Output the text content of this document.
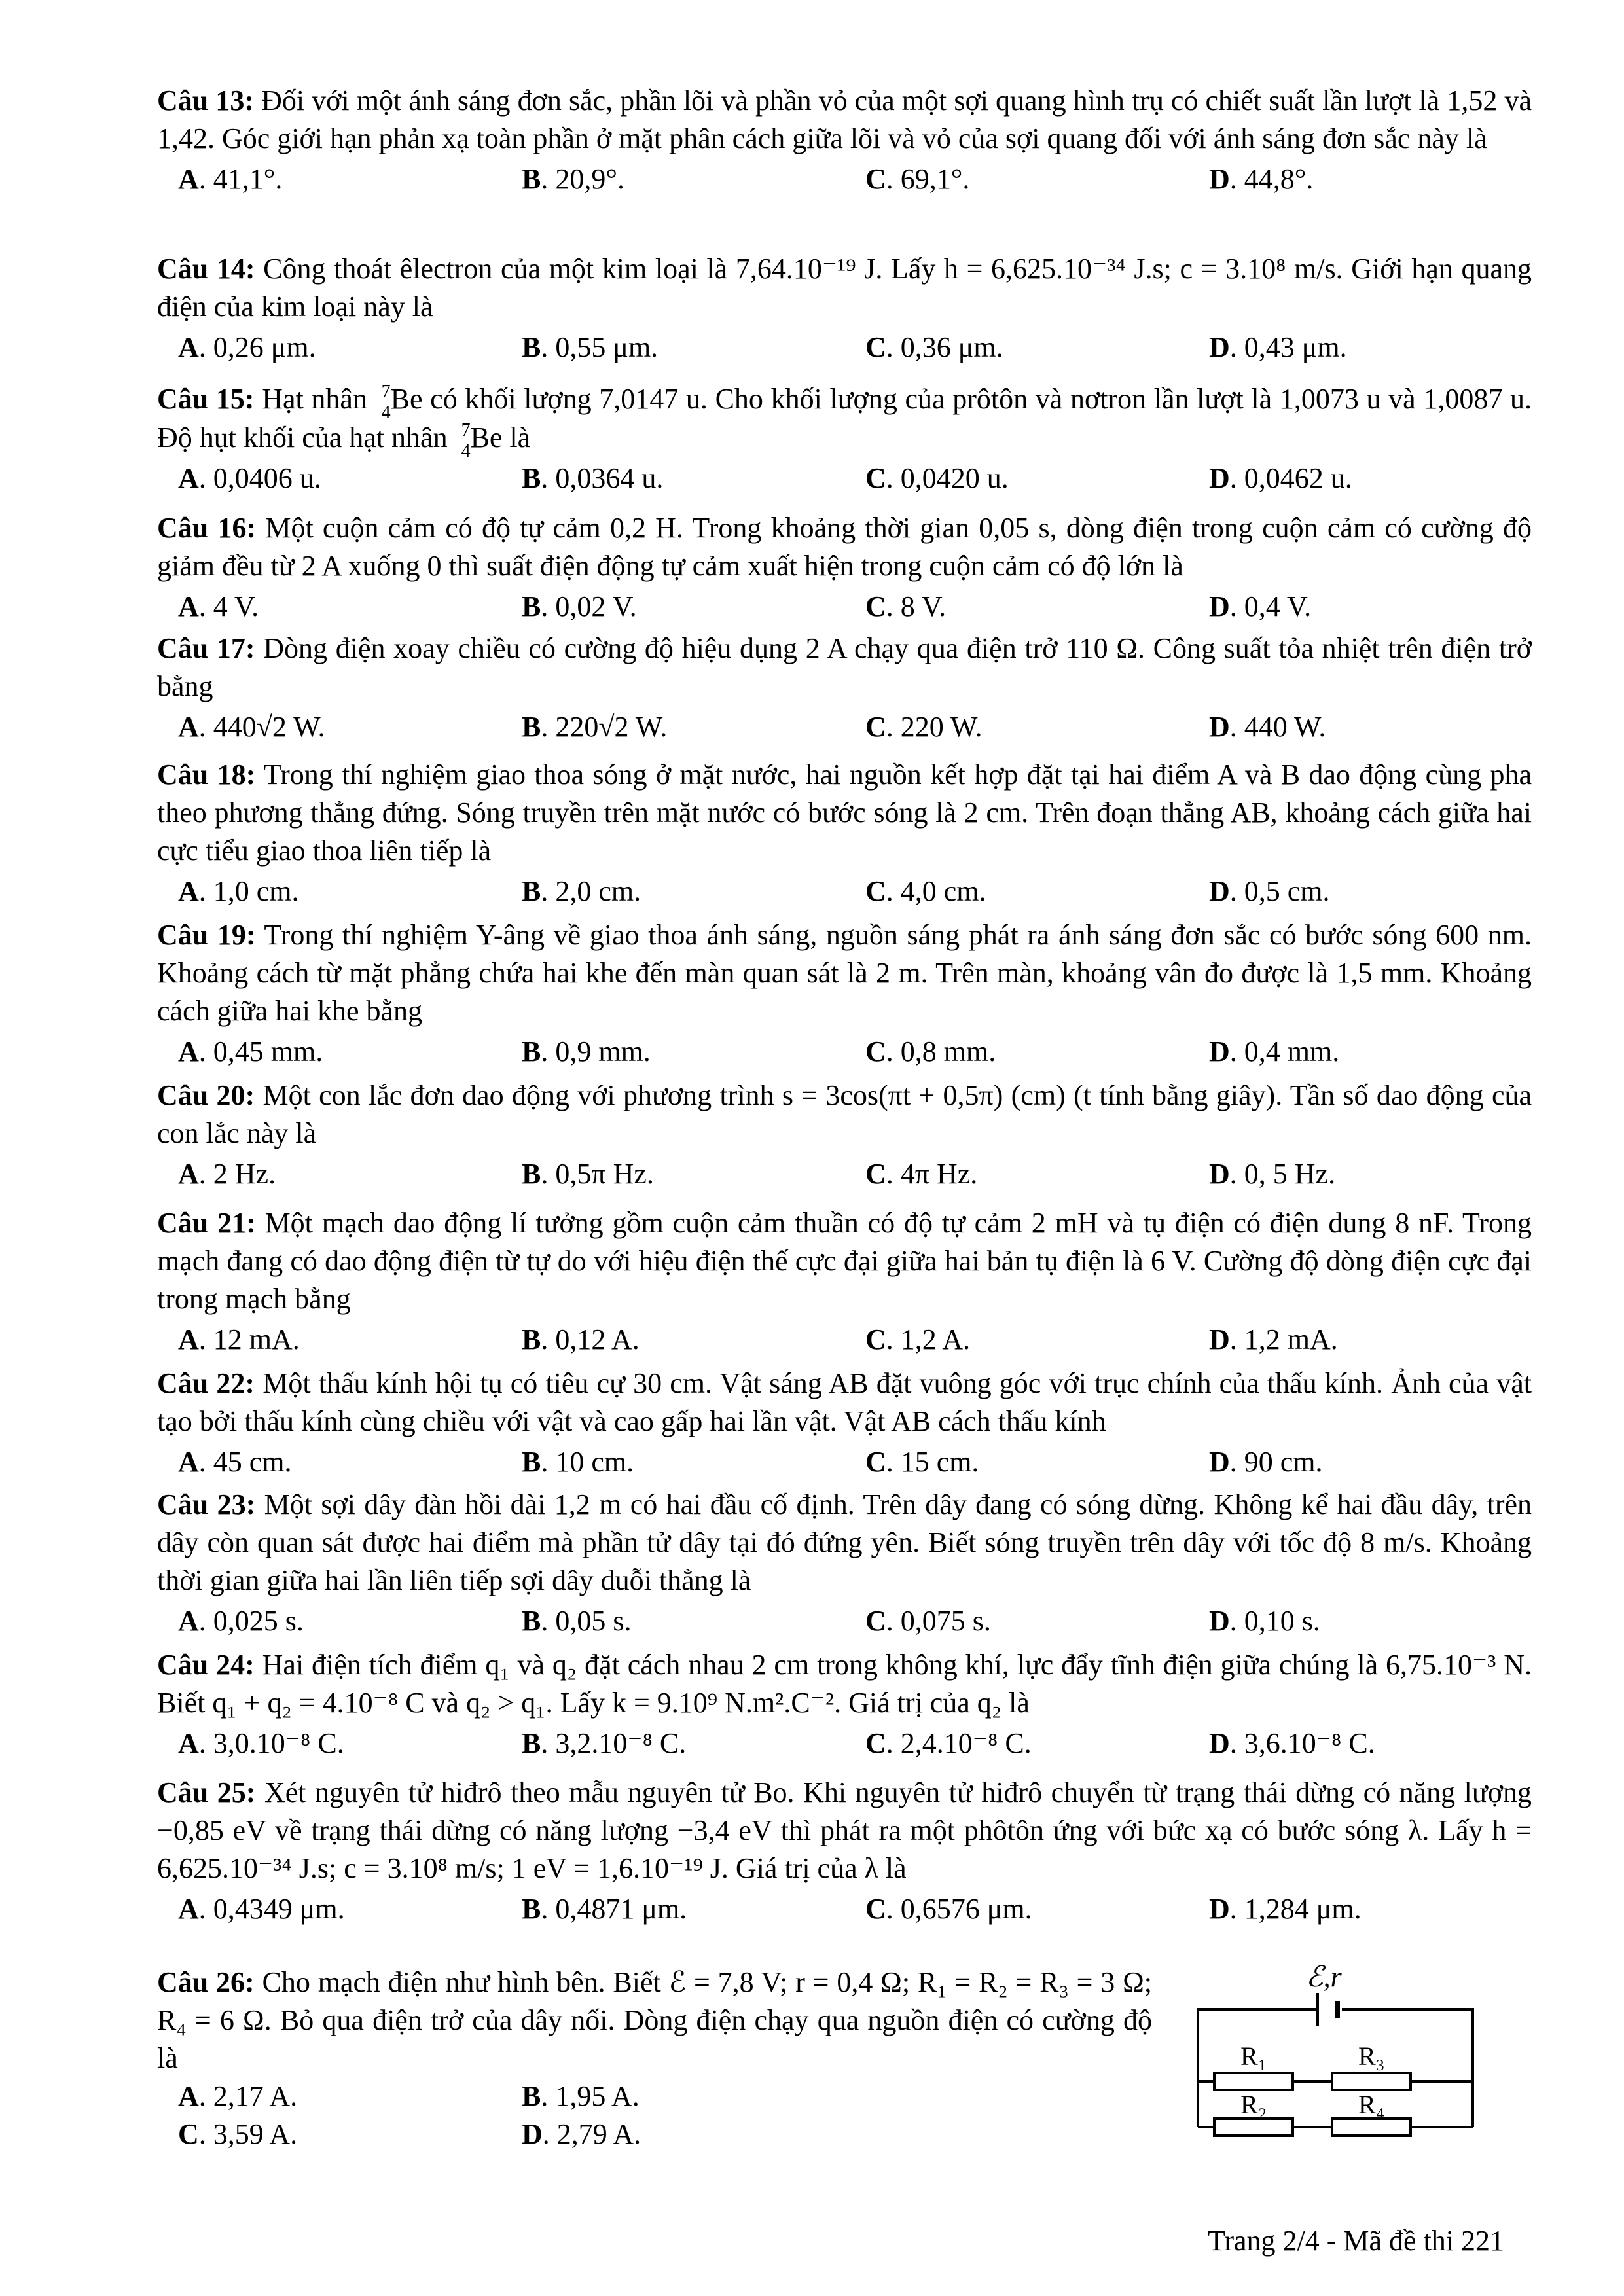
Câu 13: Đối với một ánh sáng đơn sắc, phần lõi và phần vỏ của một sợi quang hình trụ có chiết suất lần lượt là 1,52 và 1,42. Góc giới hạn phản xạ toàn phần ở mặt phân cách giữa lõi và vỏ của sợi quang đối với ánh sáng đơn sắc này là

A. 41,1°.	B. 20,9°.	C. 69,1°.	D. 44,8°.

Câu 14: Công thoát êlectron của một kim loại là 7,64.10⁻¹⁹ J. Lấy h = 6,625.10⁻³⁴ J.s; c = 3.10⁸ m/s. Giới hạn quang điện của kim loại này là

A. 0,26 μm.	B. 0,55 μm.	C. 0,36 μm.	D. 0,43 μm.

Câu 15: Hạt nhân 7
4 Be có khối lượng 7,0147 u. Cho khối lượng của prôtôn và nơtron lần lượt là 1,0073 u và 1,0087 u. Độ hụt khối của hạt nhân 7
4 Be là

A. 0,0406 u.	B. 0,0364 u.	C. 0,0420 u.	D. 0,0462 u.

Câu 16: Một cuộn cảm có độ tự cảm 0,2 H. Trong khoảng thời gian 0,05 s, dòng điện trong cuộn cảm có cường độ giảm đều từ 2 A xuống 0 thì suất điện động tự cảm xuất hiện trong cuộn cảm có độ lớn là

A. 4 V.	B. 0,02 V.	C. 8 V.	D. 0,4 V.

Câu 17: Dòng điện xoay chiều có cường độ hiệu dụng 2 A chạy qua điện trở 110 Ω. Công suất tỏa nhiệt trên điện trở bằng

A. 440√2 W.	B. 220√2 W.	C. 220 W.	D. 440 W.

Câu 18: Trong thí nghiệm giao thoa sóng ở mặt nước, hai nguồn kết hợp đặt tại hai điểm A và B dao động cùng pha theo phương thẳng đứng. Sóng truyền trên mặt nước có bước sóng là 2 cm. Trên đoạn thẳng AB, khoảng cách giữa hai cực tiểu giao thoa liên tiếp là

A. 1,0 cm.	B. 2,0 cm.	C. 4,0 cm.	D. 0,5 cm.

Câu 19: Trong thí nghiệm Y-âng về giao thoa ánh sáng, nguồn sáng phát ra ánh sáng đơn sắc có bước sóng 600 nm. Khoảng cách từ mặt phẳng chứa hai khe đến màn quan sát là 2 m. Trên màn, khoảng vân đo được là 1,5 mm. Khoảng cách giữa hai khe bằng

A. 0,45 mm.	B. 0,9 mm.	C. 0,8 mm.	D. 0,4 mm.

Câu 20: Một con lắc đơn dao động với phương trình s = 3cos(πt + 0,5π) (cm) (t tính bằng giây). Tần số dao động của con lắc này là

A. 2 Hz.	B. 0,5π Hz.	C. 4π Hz.	D. 0, 5 Hz.

Câu 21: Một mạch dao động lí tưởng gồm cuộn cảm thuần có độ tự cảm 2 mH và tụ điện có điện dung 8 nF. Trong mạch đang có dao động điện từ tự do với hiệu điện thế cực đại giữa hai bản tụ điện là 6 V. Cường độ dòng điện cực đại trong mạch bằng

A. 12 mA.	B. 0,12 A.	C. 1,2 A.	D. 1,2 mA.

Câu 22: Một thấu kính hội tụ có tiêu cự 30 cm. Vật sáng AB đặt vuông góc với trục chính của thấu kính. Ảnh của vật tạo bởi thấu kính cùng chiều với vật và cao gấp hai lần vật. Vật AB cách thấu kính

A. 45 cm.	B. 10 cm.	C. 15 cm.	D. 90 cm.

Câu 23: Một sợi dây đàn hồi dài 1,2 m có hai đầu cố định. Trên dây đang có sóng dừng. Không kể hai đầu dây, trên dây còn quan sát được hai điểm mà phần tử dây tại đó đứng yên. Biết sóng truyền trên dây với tốc độ 8 m/s. Khoảng thời gian giữa hai lần liên tiếp sợi dây duỗi thẳng là

A. 0,025 s.	B. 0,05 s.	C. 0,075 s.	D. 0,10 s.

Câu 24: Hai điện tích điểm q₁ và q₂ đặt cách nhau 2 cm trong không khí, lực đẩy tĩnh điện giữa chúng là 6,75.10⁻³ N. Biết q₁ + q₂ = 4.10⁻⁸ C và q₂ > q₁. Lấy k = 9.10⁹ N.m².C⁻². Giá trị của q₂ là

A. 3,0.10⁻⁸ C.	B. 3,2.10⁻⁸ C.	C. 2,4.10⁻⁸ C.	D. 3,6.10⁻⁸ C.

Câu 25: Xét nguyên tử hiđrô theo mẫu nguyên tử Bo. Khi nguyên tử hiđrô chuyển từ trạng thái dừng có năng lượng −0,85 eV về trạng thái dừng có năng lượng −3,4 eV thì phát ra một phôtôn ứng với bức xạ có bước sóng λ. Lấy h = 6,625.10⁻³⁴ J.s; c = 3.10⁸ m/s; 1 eV = 1,6.10⁻¹⁹ J. Giá trị của λ là

A. 0,4349 μm.	B. 0,4871 μm.	C. 0,6576 μm.	D. 1,284 μm.

Câu 26: Cho mạch điện như hình bên. Biết ℰ = 7,8 V; r = 0,4 Ω; R₁ = R₂ = R₃ = 3 Ω; R₄ = 6 Ω. Bỏ qua điện trở của dây nối. Dòng điện chạy qua nguồn điện có cường độ là

A. 2,17 A.	B. 1,95 A.
C. 3,59 A.	D. 2,79 A.
ℰ,r
R₁	R₃
R₂	R₄
Trang 2/4 - Mã đề thi 221
